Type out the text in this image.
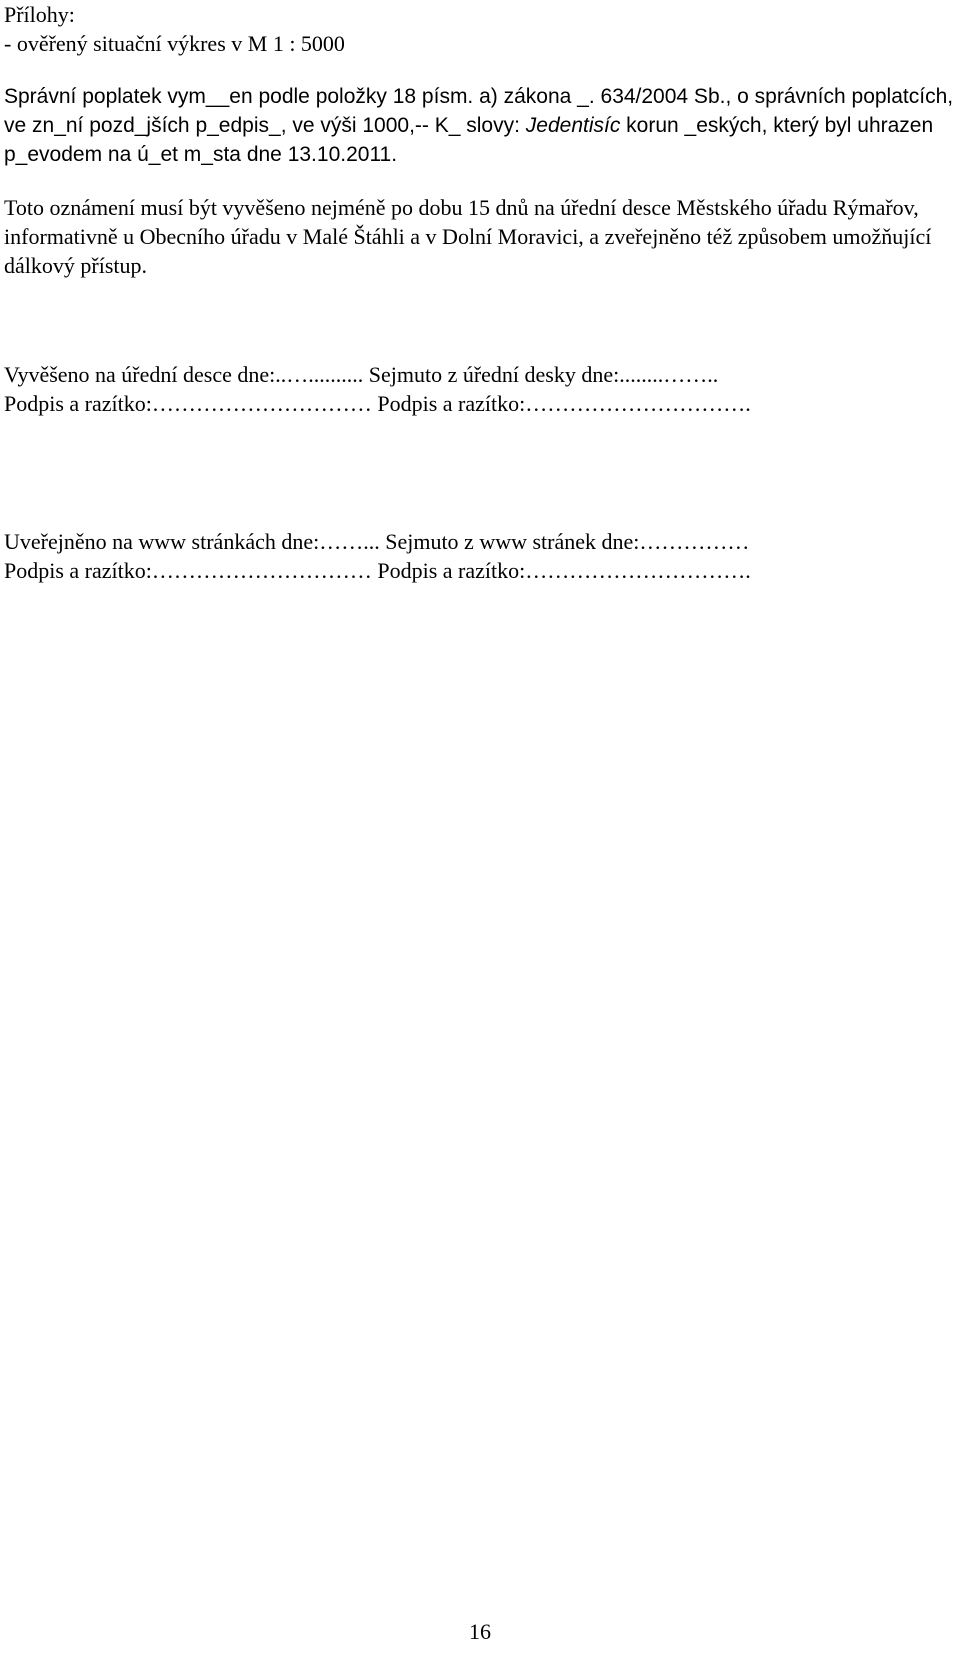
Přílohy:
- ověřený situační výkres v M 1 : 5000
Správní poplatek vym__en podle položky 18 písm. a) zákona _. 634/2004 Sb., o správních poplatcích, ve zn_ní pozd_jších p_edpis_, ve výši 1000,-- K_ slovy: Jedentisíc korun _eských, který byl uhrazen p_evodem na ú_et m_sta dne 13.10.2011.
Toto oznámení musí být vyvěšeno nejméně po dobu 15 dnů na úřední desce Městského úřadu Rýmařov, informativně u Obecního úřadu v Malé Štáhli a v Dolní Moravici, a zveřejněno též způsobem umožňující dálkový přístup.
Vyvěšeno na úřední desce dne:..….......... Sejmuto z úřední desky dne:........……..
Podpis a razítko:………………………… Podpis a razítko:………………………….
Uveřejněno na www stránkách dne:……... Sejmuto z www stránek dne:……………
Podpis a razítko:………………………… Podpis a razítko:………………………….
16
